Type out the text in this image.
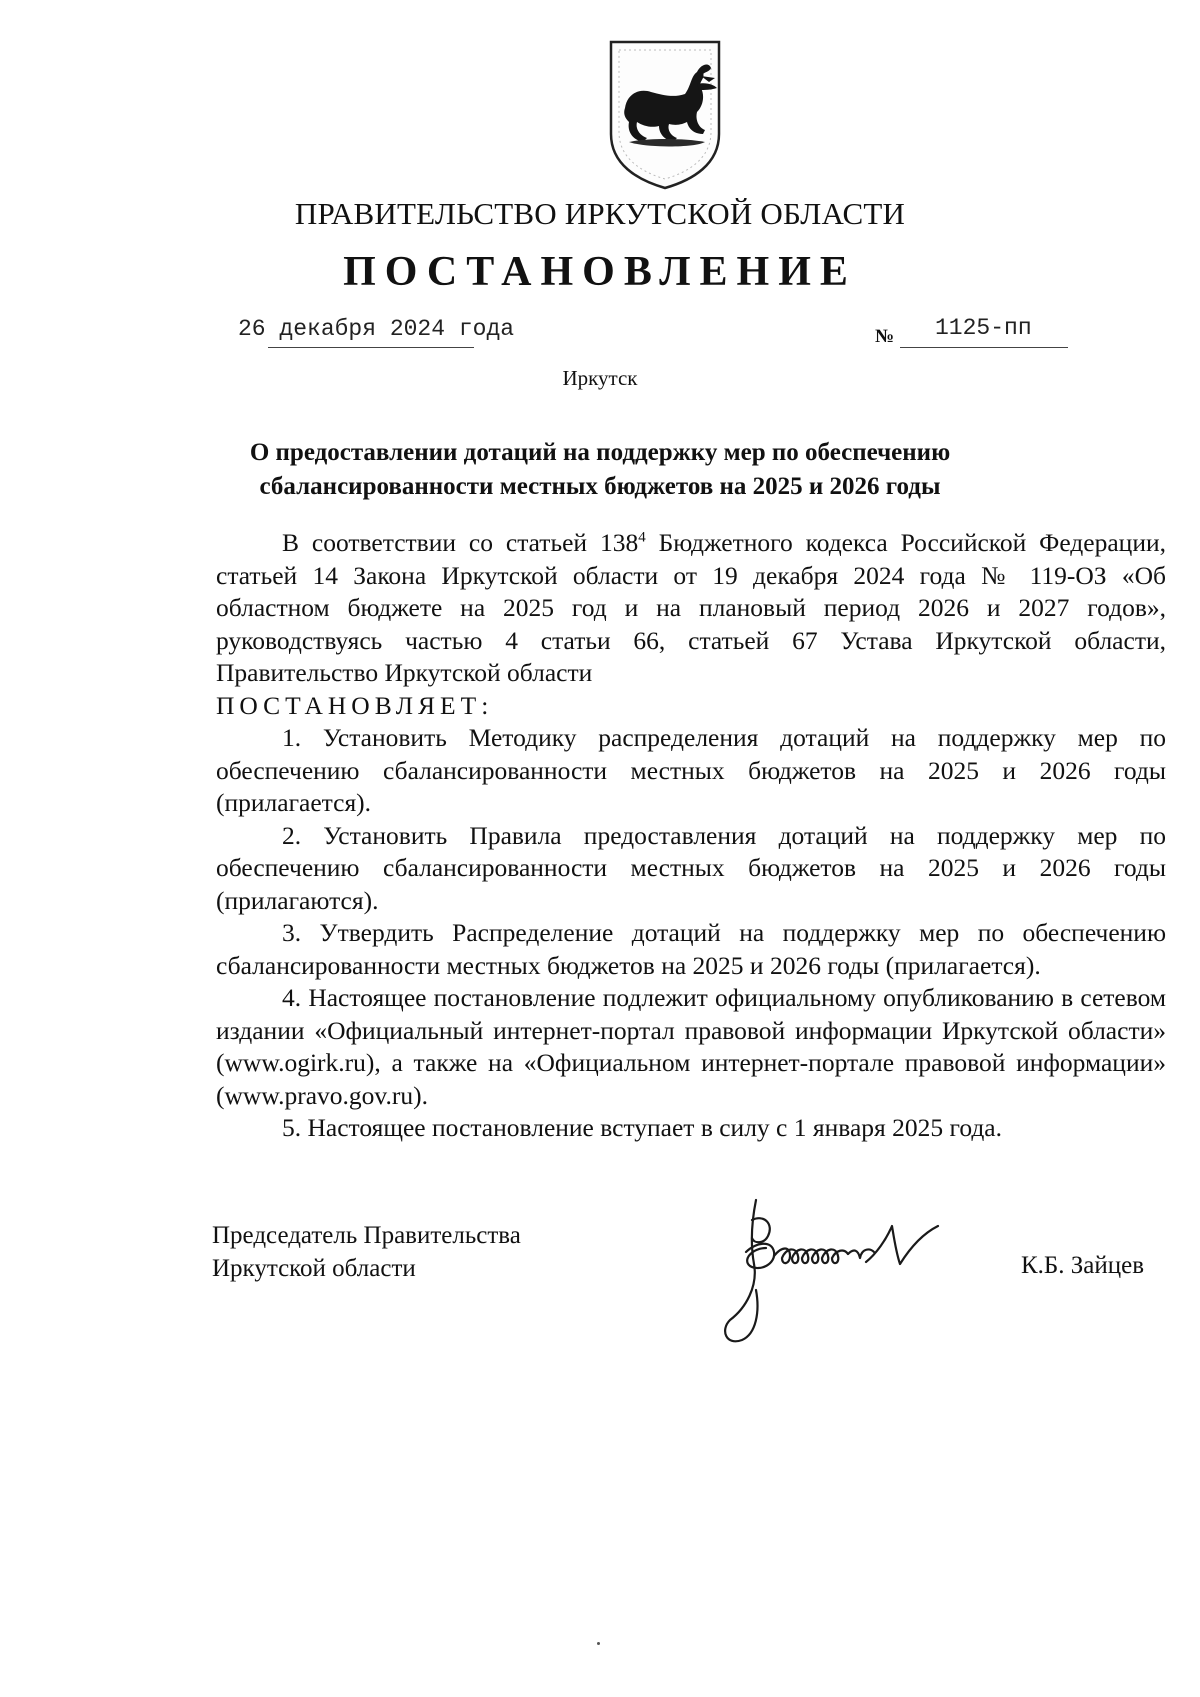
ПРАВИТЕЛЬСТВО ИРКУТСКОЙ ОБЛАСТИ
ПОСТАНОВЛЕНИЕ
26 декабря 2024 года	№ 1125-пп
Иркутск
О предоставлении дотаций на поддержку мер по обеспечению
сбалансированности местных бюджетов на 2025 и 2026 годы

В соответствии со статьей $138^4$ Бюджетного кодекса Российской Федерации, статьей 14 Закона Иркутской области от 19 декабря 2024 года № 119-ОЗ «Об областном бюджете на 2025 год и на плановый период 2026 и 2027 годов», руководствуясь частью 4 статьи 66, статьей 67 Устава Иркутской области, Правительство Иркутской области

ПОСТАНОВЛЯЕТ:

1. Установить Методику распределения дотаций на поддержку мер по обеспечению сбалансированности местных бюджетов на 2025 и 2026 годы (прилагается).

2. Установить Правила предоставления дотаций на поддержку мер по обеспечению сбалансированности местных бюджетов на 2025 и 2026 годы (прилагаются).

3. Утвердить Распределение дотаций на поддержку мер по обеспечению сбалансированности местных бюджетов на 2025 и 2026 годы (прилагается).

4. Настоящее постановление подлежит официальному опубликованию в сетевом издании «Официальный интернет-портал правовой информации Иркутской области» (www.ogirk.ru), а также на «Официальном интернет-портале правовой информации» (www.pravo.gov.ru).

5. Настоящее постановление вступает в силу с 1 января 2025 года.

Председатель Правительства
Иркутской области	К.Б. Зайцев
